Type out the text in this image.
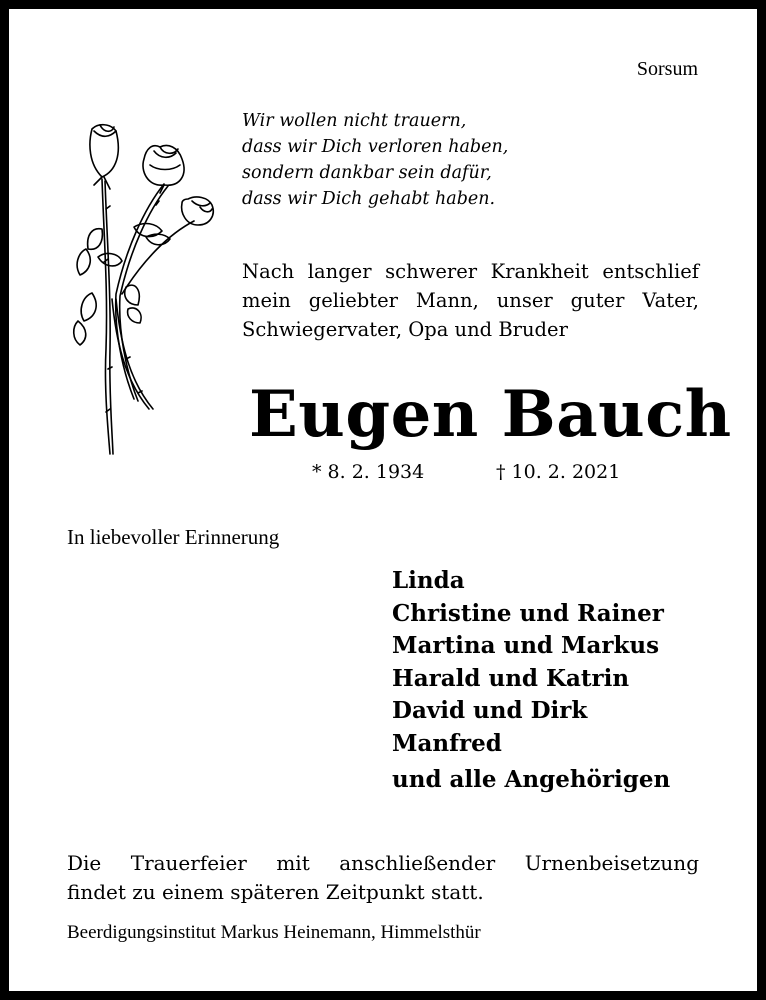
Sorsum

Wir wollen nicht trauern,
dass wir Dich verloren haben,
sondern dankbar sein dafür,
dass wir Dich gehabt haben.
Nach langer schwerer Krankheit entschlief
mein geliebter Mann, unser guter Vater,
Schwiegervater, Opa und Bruder
Eugen Bauch
* 8. 2. 1934	† 10. 2. 2021

In liebevoller Erinnerung

Linda
Christine und Rainer
Martina und Markus
Harald und Katrin
David und Dirk
Manfred
und alle Angehörigen
Die Trauerfeier mit anschließender Urnenbeisetzung
findet zu einem späteren Zeitpunkt statt.

Beerdigungsinstitut Markus Heinemann, Himmelsthür
